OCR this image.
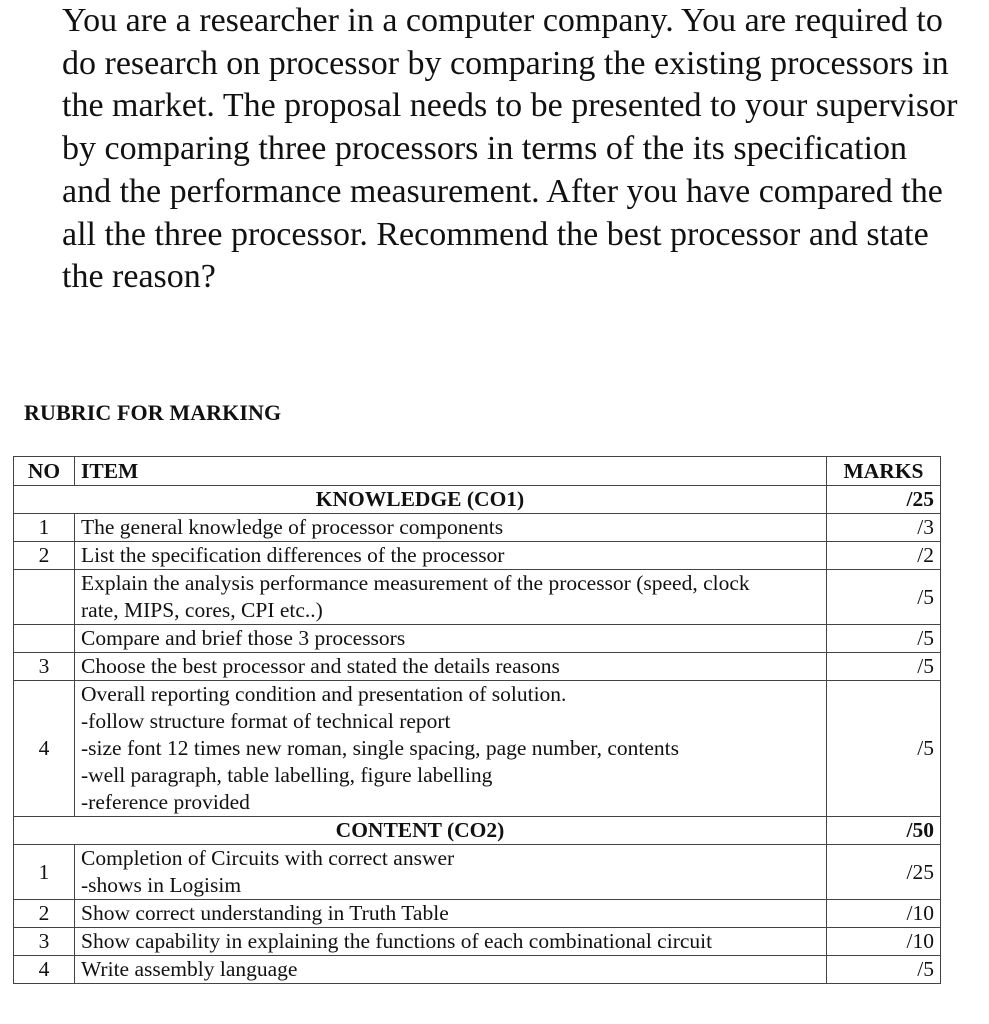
You are a researcher in a computer company. You are required to do research on processor by comparing the existing processors in the market. The proposal needs to be presented to your supervisor by comparing three processors in terms of the its specification and the performance measurement. After you have compared the all the three processor. Recommend the best processor and state the reason?

RUBRIC FOR MARKING

NO	ITEM	MARKS
KNOWLEDGE (CO1)		/25
1	The general knowledge of processor components	/3
2	List the specification differences of the processor	/2
	Explain the analysis performance measurement of the processor (speed, clock rate, MIPS, cores, CPI etc..)	/5
	Compare and brief those 3 processors	/5
3	Choose the best processor and stated the details reasons	/5
4	Overall reporting condition and presentation of solution.
-follow structure format of technical report
-size font 12 times new roman, single spacing, page number, contents
-well paragraph, table labelling, figure labelling
-reference provided	/5
CONTENT (CO2)		/50
1	Completion of Circuits with correct answer
-shows in Logisim	/25
2	Show correct understanding in Truth Table	/10
3	Show capability in explaining the functions of each combinational circuit	/10
4	Write assembly language	/5
